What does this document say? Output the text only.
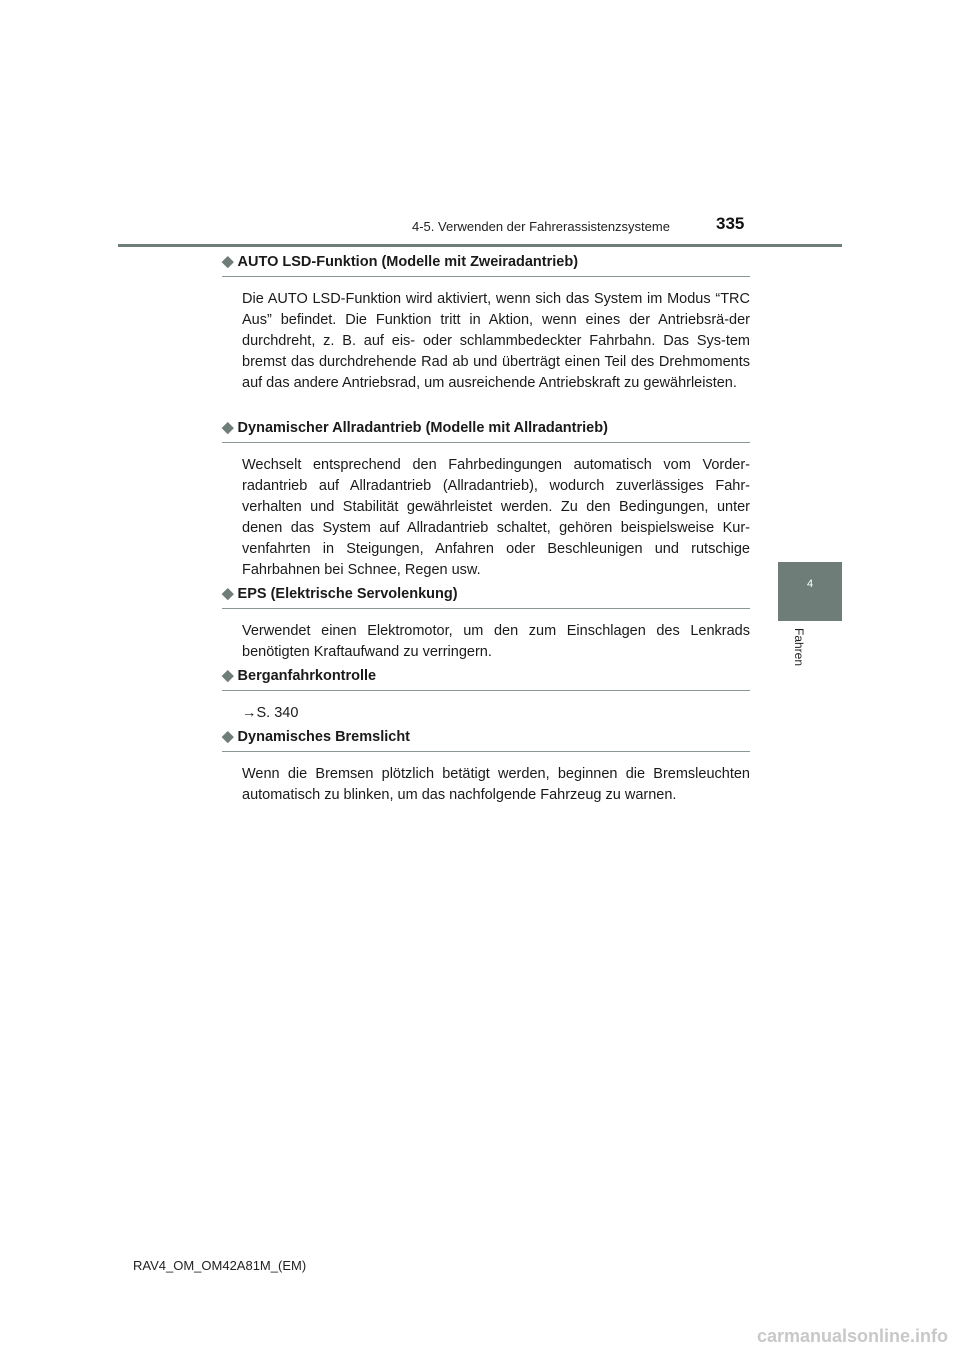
4-5. Verwenden der Fahrerassistenzsysteme	335
4
Fahren
◆ AUTO LSD-Funktion (Modelle mit Zweiradantrieb)
Die AUTO LSD-Funktion wird aktiviert, wenn sich das System im Modus “TRC Aus” befindet. Die Funktion tritt in Aktion, wenn eines der Antriebsrä-der durchdreht, z. B. auf eis- oder schlammbedeckter Fahrbahn. Das Sys-tem bremst das durchdrehende Rad ab und überträgt einen Teil des Drehmoments auf das andere Antriebsrad, um ausreichende Antriebskraft zu gewährleisten.
◆ Dynamischer Allradantrieb (Modelle mit Allradantrieb)
Wechselt entsprechend den Fahrbedingungen automatisch vom Vorder-radantrieb auf Allradantrieb (Allradantrieb), wodurch zuverlässiges Fahr-verhalten und Stabilität gewährleistet werden. Zu den Bedingungen, unter denen das System auf Allradantrieb schaltet, gehören beispielsweise Kur-venfahrten in Steigungen, Anfahren oder Beschleunigen und rutschige Fahrbahnen bei Schnee, Regen usw.
◆ EPS (Elektrische Servolenkung)
Verwendet einen Elektromotor, um den zum Einschlagen des Lenkrads benötigten Kraftaufwand zu verringern.
◆ Berganfahrkontrolle
→S. 340
◆ Dynamisches Bremslicht
Wenn die Bremsen plötzlich betätigt werden, beginnen die Bremsleuchten automatisch zu blinken, um das nachfolgende Fahrzeug zu warnen.
RAV4_OM_OM42A81M_(EM)
carmanualsonline.info
